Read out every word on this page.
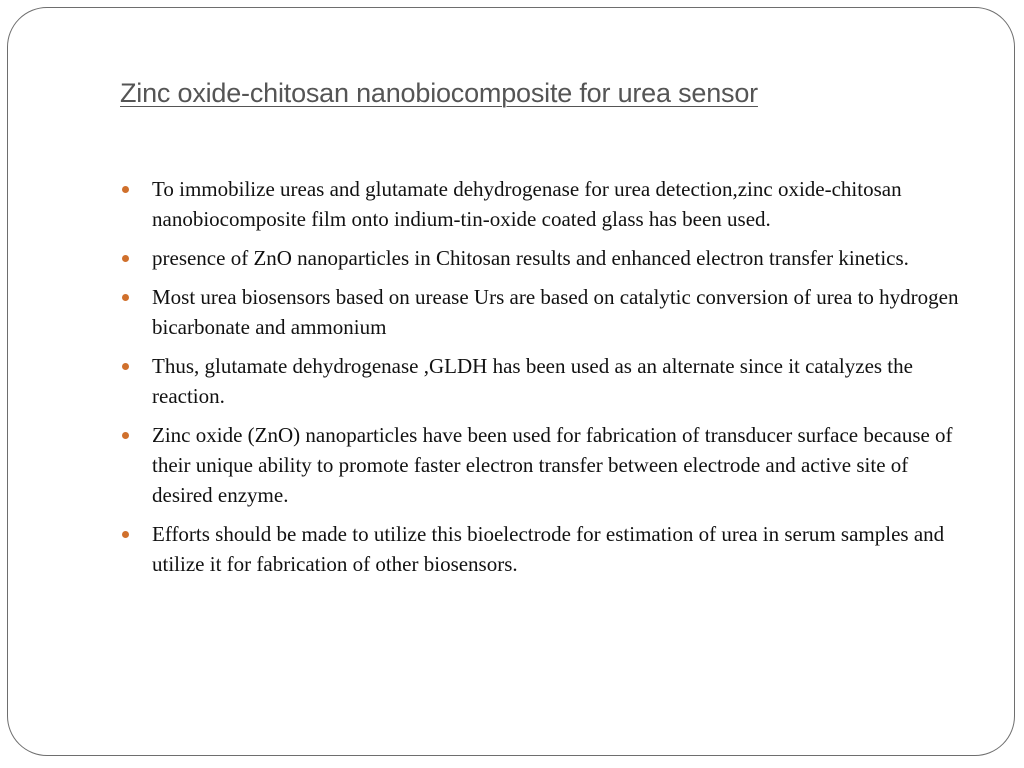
Zinc oxide-chitosan nanobiocomposite for urea sensor
To immobilize ureas and glutamate dehydrogenase for urea detection,zinc oxide-chitosan nanobiocomposite film onto indium-tin-oxide coated glass has been used.
presence of ZnO nanoparticles in Chitosan results and enhanced electron transfer kinetics.
Most urea biosensors based on urease Urs are based on catalytic conversion of urea to hydrogen bicarbonate and ammonium
Thus, glutamate dehydrogenase ,GLDH has been used as an alternate since it catalyzes the reaction.
Zinc oxide (ZnO) nanoparticles have been used for fabrication of transducer surface because of their unique ability to promote faster electron transfer between electrode and active site of desired enzyme.
Efforts should be made to utilize this bioelectrode for estimation of urea in serum samples and utilize it for fabrication of other biosensors.
